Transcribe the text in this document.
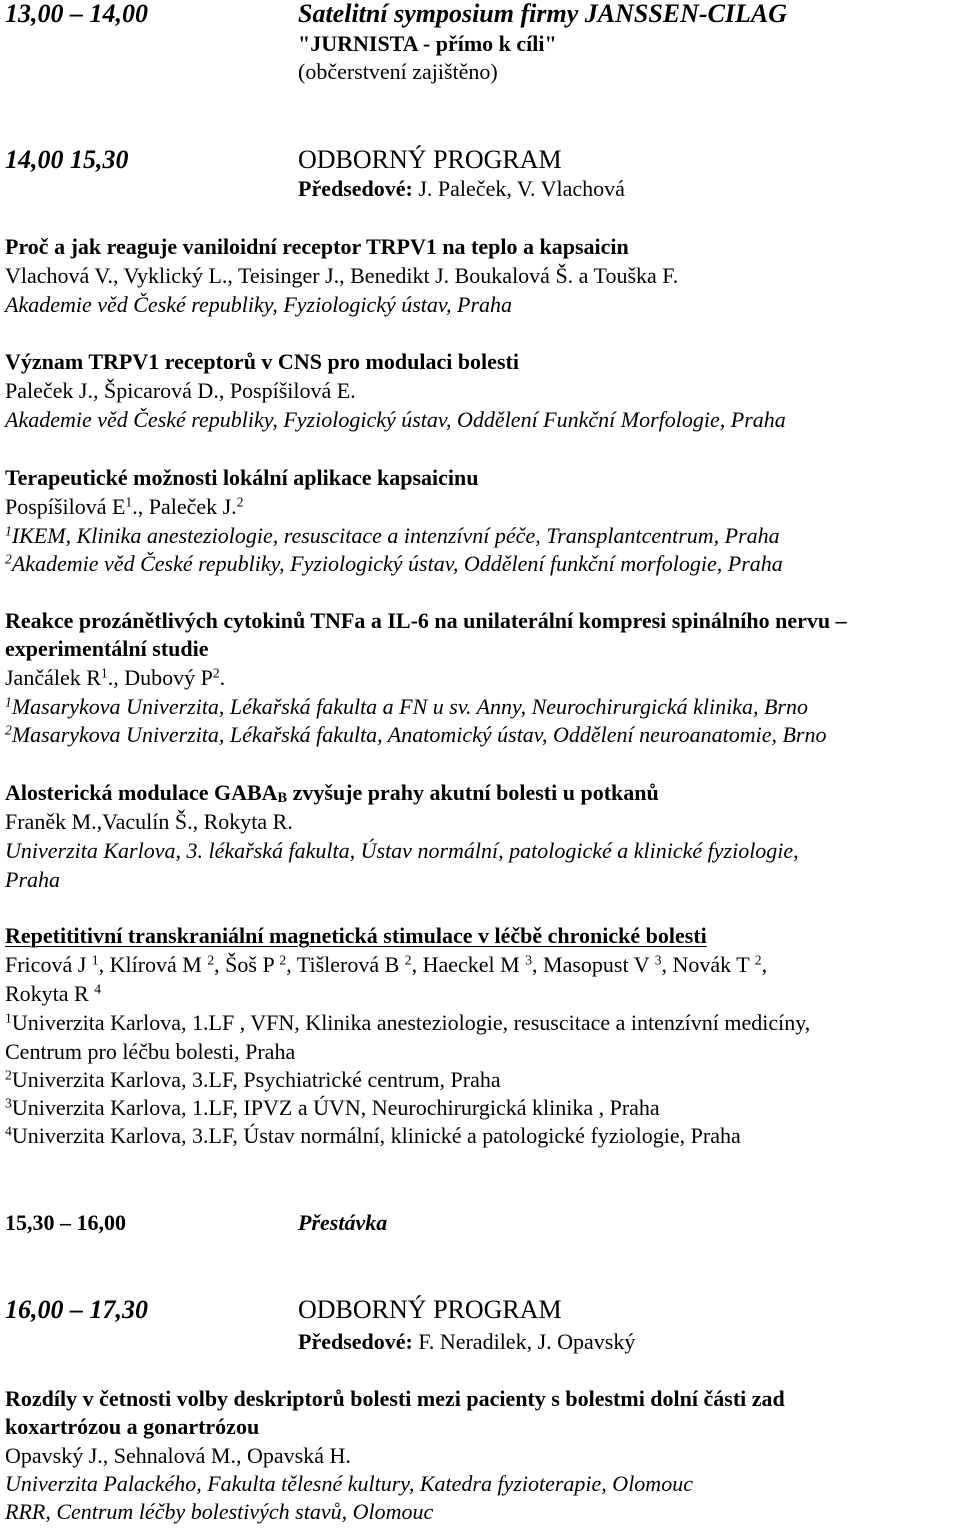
13,00 – 14,00	Satelitní symposium firmy JANSSEN-CILAG
"JURNISTA - přímo k cíli"
(občerstvení zajištěno)
14,00 15,30	ODBORNÝ PROGRAM
Předsedové: J. Paleček, V. Vlachová
Proč a jak reaguje vaniloidní receptor TRPV1 na teplo a kapsaicin
Vlachová V., Vyklický L., Teisinger J., Benedikt J. Boukalová Š. a Touška F.
Akademie věd České republiky, Fyziologický ústav, Praha
Význam TRPV1 receptorů v CNS pro modulaci bolesti
Paleček J., Špicarová D., Pospíšilová E.
Akademie věd České republiky, Fyziologický ústav, Oddělení Funkční Morfologie, Praha
Terapeutické možnosti lokální aplikace kapsaicinu
Pospíšilová $E^1$., Paleček J.$^2$
$^1$IKEM, Klinika anesteziologie, resuscitace a intenzívní péče, Transplantcentrum, Praha
$^2$Akademie věd České republiky, Fyziologický ústav, Oddělení funkční morfologie, Praha
Reakce prozánětlivých cytokinů TNFa a IL-6 na unilaterální kompresi spinálního nervu –
experimentální studie
Jančálek $R^1$., Dubový $P^2$.
$^1$Masarykova Univerzita, Lékařská fakulta a FN u sv. Anny, Neurochirurgická klinika, Brno
$^2$Masarykova Univerzita, Lékařská fakulta, Anatomický ústav, Oddělení neuroanatomie, Brno
Alosterická modulace $GABA_B$ zvyšuje prahy akutní bolesti u potkanů
Franěk M.,Vaculín Š., Rokyta R.
Univerzita Karlova, 3. lékařská fakulta, Ústav normální, patologické a klinické fyziologie,
Praha
Repetititivní transkraniální magnetická stimulace v léčbě chronické bolesti
Fricová J $^1$, Klírová M $^2$, Šoš P $^2$, Tišlerová B $^2$, Haeckel M $^3$, Masopust V $^3$, Novák T $^2$,
Rokyta R $^4$
$^1$Univerzita Karlova, 1.LF , VFN, Klinika anesteziologie, resuscitace a intenzívní medicíny,
Centrum pro léčbu bolesti, Praha
$^2$Univerzita Karlova, 3.LF, Psychiatrické centrum, Praha
$^3$Univerzita Karlova, 1.LF, IPVZ a ÚVN, Neurochirurgická klinika , Praha
$^4$Univerzita Karlova, 3.LF, Ústav normální, klinické a patologické fyziologie, Praha
15,30 – 16,00	Přestávka
16,00 – 17,30	ODBORNÝ PROGRAM
Předsedové: F. Neradilek, J. Opavský
Rozdíly v četnosti volby deskriptorů bolesti mezi pacienty s bolestmi dolní části zad
koxartrózou a gonartrózou
Opavský J., Sehnalová M., Opavská H.
Univerzita Palackého, Fakulta tělesné kultury, Katedra fyzioterapie, Olomouc
RRR, Centrum léčby bolestivých stavů, Olomouc
